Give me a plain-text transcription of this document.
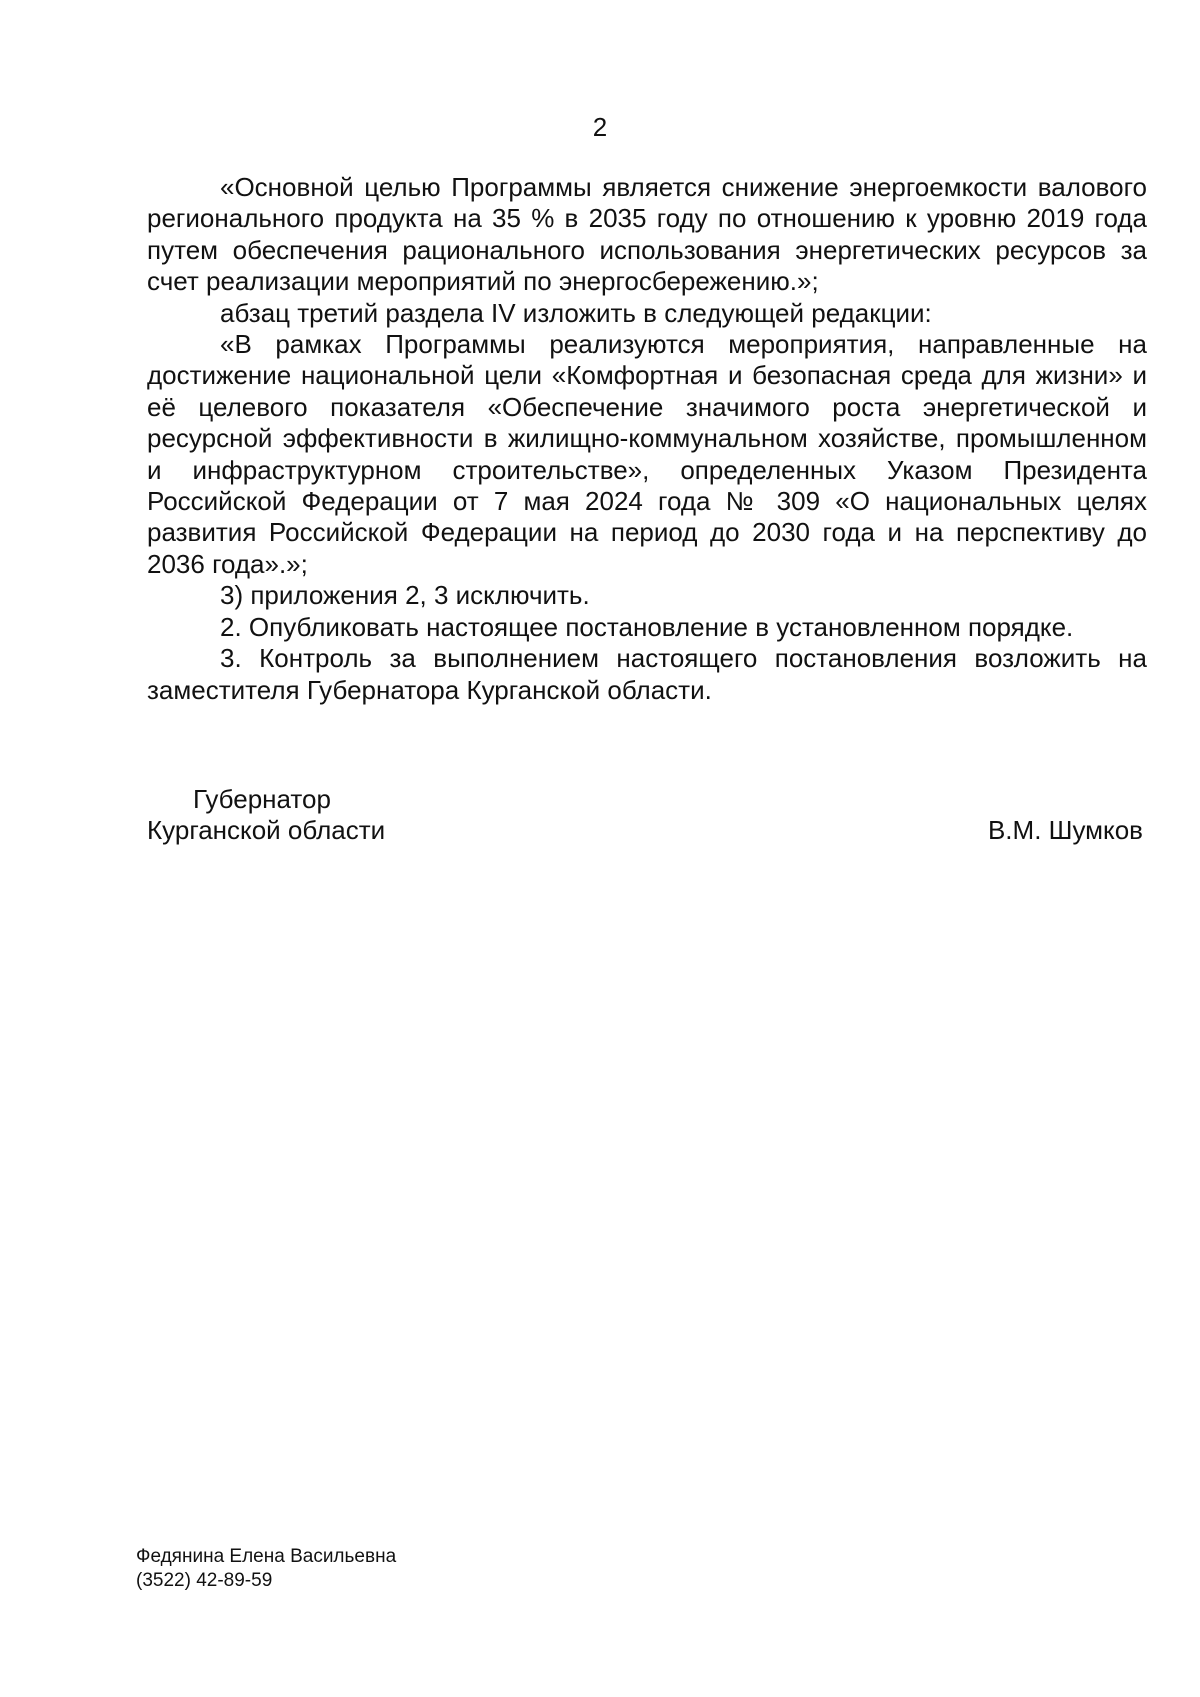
2

«Основной целью Программы является снижение энергоемкости валового регионального продукта на 35 % в 2035 году по отношению к уровню 2019 года путем обеспечения рационального использования энергетических ресурсов за счет реализации мероприятий по энергосбережению.»;

абзац третий раздела IV изложить в следующей редакции:

«В рамках Программы реализуются мероприятия, направленные на достижение национальной цели «Комфортная и безопасная среда для жизни» и её целевого показателя «Обеспечение значимого роста энергетической и ресурсной эффективности в жилищно-коммунальном хозяйстве, промышленном и инфраструктурном строительстве», определенных Указом Президента Российской Федерации от 7 мая 2024 года № 309 «О национальных целях развития Российской Федерации на период до 2030 года и на перспективу до 2036 года».»;

3) приложения 2, 3 исключить.

2. Опубликовать настоящее постановление в установленном порядке.

3. Контроль за выполнением настоящего постановления возложить на заместителя Губернатора Курганской области.

Губернатор
Курганской области	В.М. Шумков
Федянина Елена Васильевна
(3522) 42-89-59
